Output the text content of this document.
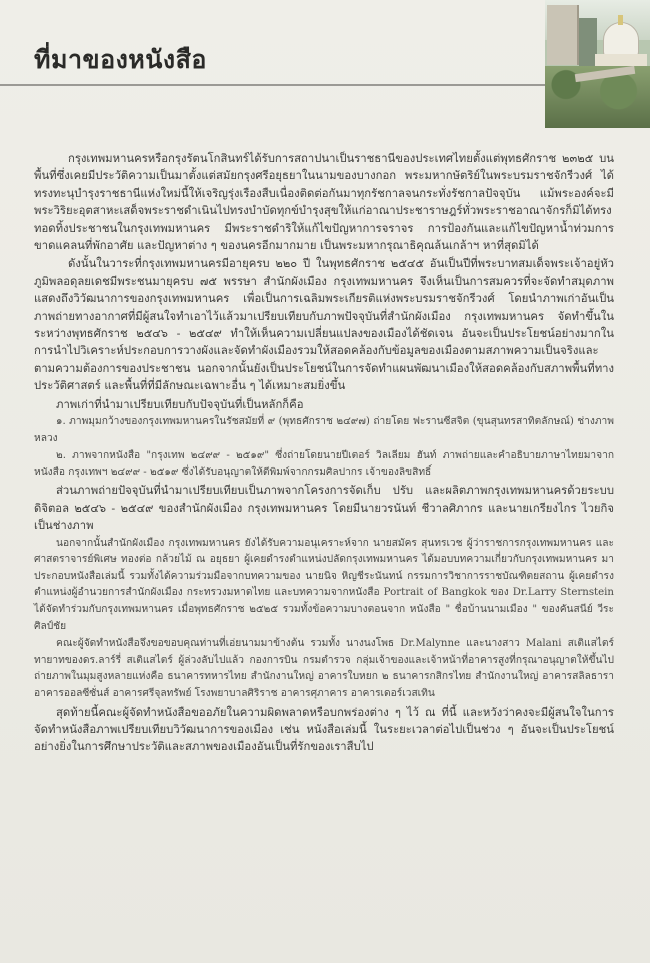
ที่มาของหนังสือ

กรุงเทพมหานครหรือกรุงรัตนโกสินทร์ได้รับการสถาปนาเป็นราชธานีของประเทศไทยตั้งแต่พุทธศักราช ๒๓๒๕ บนพื้นที่ซึ่งเคยมีประวัติความเป็นมาตั้งแต่สมัยกรุงศรีอยุธยาในนามของบางกอก พระมหากษัตริย์ในพระบรมราชจักรีวงศ์ ได้ทรงทะนุบำรุงราชธานีแห่งใหม่นี้ให้เจริญรุ่งเรืองสืบเนื่องติดต่อกันมาทุกรัชกาลจนกระทั่งรัชกาลปัจจุบัน แม้พระองค์จะมีพระวิริยะอุตสาหะเสด็จพระราชดำเนินไปทรงบำบัดทุกข์บำรุงสุขให้แก่อาณาประชาราษฎร์ทั่วพระราชอาณาจักรก็มิได้ทรงทอดทิ้งประชาชนในกรุงเทพมหานคร มีพระราชดำริให้แก้ไขปัญหาการจราจร การป้องกันและแก้ไขปัญหาน้ำท่วมการขาดแคลนที่พักอาศัย และปัญหาต่าง ๆ ของนครอีกมากมาย เป็นพระมหากรุณาธิคุณล้นเกล้าฯ หาที่สุดมิได้

ดังนั้นในวาระที่กรุงเทพมหานครมีอายุครบ ๒๒๐ ปี ในพุทธศักราช ๒๕๔๕ อันเป็นปีที่พระบาทสมเด็จพระเจ้าอยู่หัวภูมิพลอดุลยเดชมีพระชนมายุครบ ๗๕ พรรษา สำนักผังเมือง กรุงเทพมหานคร จึงเห็นเป็นการสมควรที่จะจัดทำสมุดภาพแสดงถึงวิวัฒนาการของกรุงเทพมหานคร เพื่อเป็นการเฉลิมพระเกียรติแห่งพระบรมราชจักรีวงศ์ โดยนำภาพเก่าอันเป็นภาพถ่ายทางอากาศที่มีผู้สนใจทำเอาไว้แล้วมาเปรียบเทียบกับภาพปัจจุบันที่สำนักผังเมือง กรุงเทพมหานคร จัดทำขึ้นในระหว่างพุทธศักราช ๒๕๔๖ - ๒๕๔๙ ทำให้เห็นความเปลี่ยนแปลงของเมืองได้ชัดเจน อันจะเป็นประโยชน์อย่างมากในการนำไปวิเคราะห์ประกอบการวางผังและจัดทำผังเมืองรวมให้สอดคล้องกับข้อมูลของเมืองตามสภาพความเป็นจริงและตามความต้องการของประชาชน นอกจากนั้นยังเป็นประโยชน์ในการจัดทำแผนพัฒนาเมืองให้สอดคล้องกับสภาพพื้นที่ทางประวัติศาสตร์ และพื้นที่ที่มีลักษณะเฉพาะอื่น ๆ ได้เหมาะสมยิ่งขึ้น

ภาพเก่าที่นำมาเปรียบเทียบกับปัจจุบันที่เป็นหลักก็คือ

๑. ภาพมุมกว้างของกรุงเทพมหานครในรัชสมัยที่ ๙ (พุทธศักราช ๒๔๙๗) ถ่ายโดย ฟะรานซีสจิต (ขุนสุนทรสาทิตลักษณ์) ช่างภาพหลวง

๒. ภาพจากหนังสือ "กรุงเทพ ๒๔๙๙ - ๒๕๑๙" ซึ่งถ่ายโดยนายปีเตอร์ วิลเลียม ฮันท์ ภาพถ่ายและคำอธิบายภาษาไทยมาจากหนังสือ กรุงเทพฯ ๒๔๙๙ - ๒๕๑๙ ซึ่งได้รับอนุญาตให้ตีพิมพ์จากกรมศิลปากร เจ้าของลิขสิทธิ์

ส่วนภาพถ่ายปัจจุบันที่นำมาเปรียบเทียบเป็นภาพจากโครงการจัดเก็บ ปรับ และผลิตภาพกรุงเทพมหานครด้วยระบบดิจิตอล ๒๕๔๖ - ๒๕๔๙ ของสำนักผังเมือง กรุงเทพมหานคร โดยมีนายวรนันท์ ชีวาลศิภากร และนายเกรียงไกร ไวยกิจ เป็นช่างภาพ

นอกจากนั้นสำนักผังเมือง กรุงเทพมหานคร ยังได้รับความอนุเคราะห์จาก นายสมัคร สุนทรเวช ผู้ว่าราชการกรุงเทพมหานคร และ ศาสตราจารย์พิเศษ ทองต่อ กล้วยไม้ ณ อยุธยา ผู้เคยดำรงตำแหน่งปลัดกรุงเทพมหานคร ได้มอบบทความเกี่ยวกับกรุงเทพมหานคร มาประกอบหนังสือเล่มนี้ รวมทั้งได้ความร่วมมือจากบทความของ นายนิจ หิญชีระนันทน์ กรรมการวิชาการราชบัณฑิตยสถาน ผู้เคยดำรงตำแหน่งผู้อำนวยการสำนักผังเมือง กระทรวงมหาดไทย และบทความจากหนังสือ Portrait of Bangkok ของ Dr.Larry Sternstein ได้จัดทำร่วมกับกรุงเทพมหานคร เมื่อพุทธศักราช ๒๕๒๕ รวมทั้งข้อความบางตอนจาก หนังสือ " ชื่อบ้านนามเมือง " ของคันสนีย์ วีระศิลป์ชัย

คณะผู้จัดทำหนังสือจึงขอขอบคุณท่านที่เอ่ยนามมาข้างต้น รวมทั้ง นางนงโพธ Dr.Malynne และนางสาว Malani สเติแสไตร์ ทายาทของดร.ลาร์รี่ สเติแสไตร์ ผู้ล่วงลับไปแล้ว กองการบิน กรมตำรวจ กลุ่มเจ้าของและเจ้าหน้าที่อาคารสูงที่กรุณาอนุญาตให้ขึ้นไปถ่ายภาพในมุมสูงหลายแห่งคือ ธนาคารทหารไทย สำนักงานใหญ่ อาคารใบหยก ๒ ธนาคารกสิกรไทย สำนักงานใหญ่ อาคารสลิลธารา อาคารออลซีซั่นส์ อาคารศรีจุลทรัพย์ โรงพยาบาลศิริราช อาคารศุภาคาร อาคารเดอร์เวสเทิน

สุดท้ายนี้คณะผู้จัดทำหนังสือขออภัยในความผิดพลาดหรือบกพร่องต่าง ๆ ไว้ ณ ที่นี้ และหวังว่าคงจะมีผู้สนใจในการจัดทำหนังสือภาพเปรียบเทียบวิวัฒนาการของเมือง เช่น หนังสือเล่มนี้ ในระยะเวลาต่อไปเป็นช่วง ๆ อันจะเป็นประโยชน์อย่างยิ่งในการศึกษาประวัติและสภาพของเมืองอันเป็นที่รักของเราสืบไป
